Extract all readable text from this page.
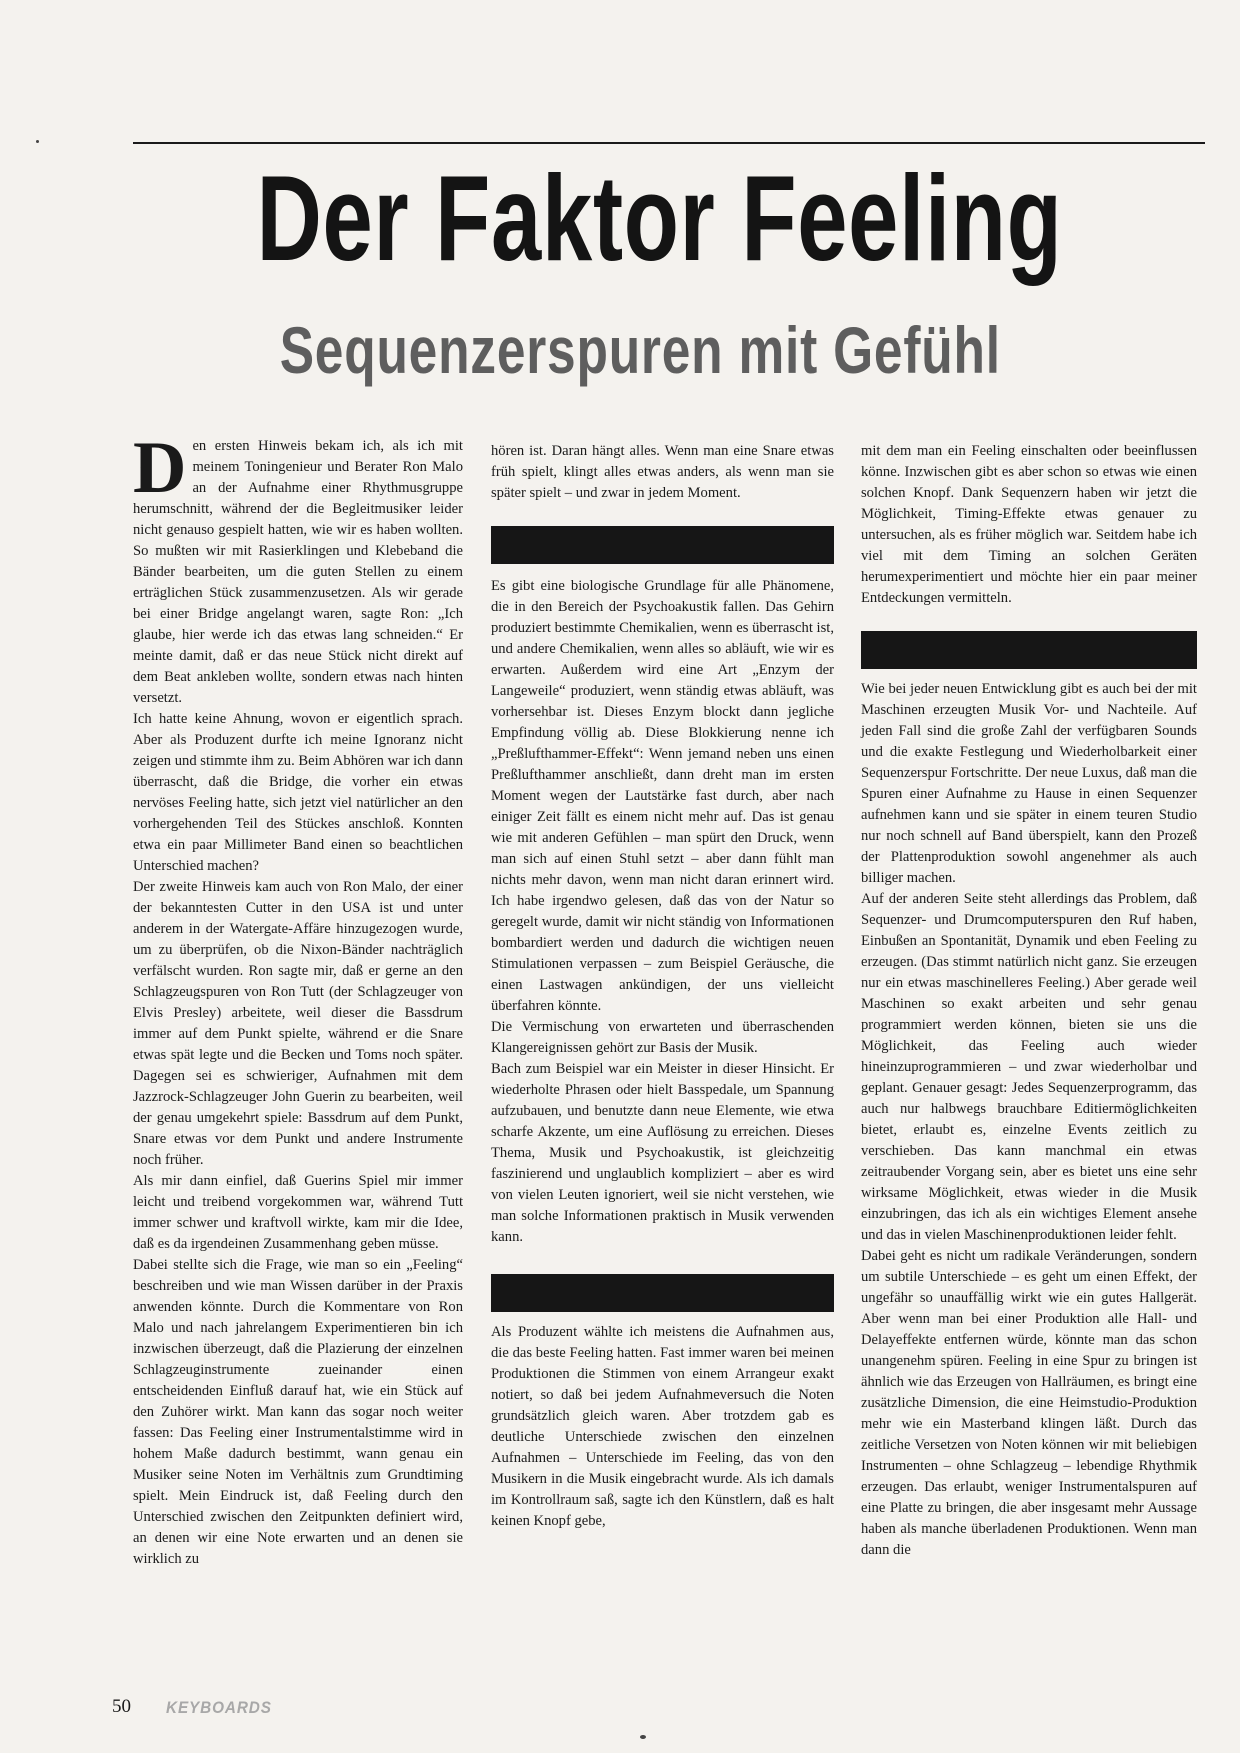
Der Faktor Feeling
Sequenzerspuren mit Gefühl

Den ersten Hinweis bekam ich, als ich mit meinem Toningenieur und Berater Ron Malo an der Aufnahme einer Rhythmusgruppe herumschnitt, während der die Begleitmusiker leider nicht genauso gespielt hatten, wie wir es haben wollten. So mußten wir mit Rasierklingen und Klebeband die Bänder bearbeiten, um die guten Stellen zu einem erträglichen Stück zusammenzusetzen. Als wir gerade bei einer Bridge angelangt waren, sagte Ron: „Ich glaube, hier werde ich das etwas lang schneiden.“ Er meinte damit, daß er das neue Stück nicht direkt auf dem Beat ankleben wollte, sondern etwas nach hinten versetzt.

Ich hatte keine Ahnung, wovon er eigentlich sprach. Aber als Produzent durfte ich meine Ignoranz nicht zeigen und stimmte ihm zu. Beim Abhören war ich dann überrascht, daß die Bridge, die vorher ein etwas nervöses Feeling hatte, sich jetzt viel natürlicher an den vorhergehenden Teil des Stückes anschloß. Konnten etwa ein paar Millimeter Band einen so beachtlichen Unterschied machen?

Der zweite Hinweis kam auch von Ron Malo, der einer der bekanntesten Cutter in den USA ist und unter anderem in der Watergate-Affäre hinzugezogen wurde, um zu überprüfen, ob die Nixon-Bänder nachträglich verfälscht wurden. Ron sagte mir, daß er gerne an den Schlagzeugspuren von Ron Tutt (der Schlagzeuger von Elvis Presley) arbeitete, weil dieser die Bassdrum immer auf dem Punkt spielte, während er die Snare etwas spät legte und die Becken und Toms noch später. Dagegen sei es schwieriger, Aufnahmen mit dem Jazzrock-Schlagzeuger John Guerin zu bearbeiten, weil der genau umgekehrt spiele: Bassdrum auf dem Punkt, Snare etwas vor dem Punkt und andere Instrumente noch früher.

Als mir dann einfiel, daß Guerins Spiel mir immer leicht und treibend vorgekommen war, während Tutt immer schwer und kraftvoll wirkte, kam mir die Idee, daß es da irgendeinen Zusammenhang geben müsse.

Dabei stellte sich die Frage, wie man so ein „Feeling“ beschreiben und wie man Wissen darüber in der Praxis anwenden könnte. Durch die Kommentare von Ron Malo und nach jahrelangem Experimentieren bin ich inzwischen überzeugt, daß die Plazierung der einzelnen Schlagzeuginstrumente zueinander einen entscheidenden Einfluß darauf hat, wie ein Stück auf den Zuhörer wirkt. Man kann das sogar noch weiter fassen: Das Feeling einer Instrumentalstimme wird in hohem Maße dadurch bestimmt, wann genau ein Musiker seine Noten im Verhältnis zum Grundtiming spielt. Mein Eindruck ist, daß Feeling durch den Unterschied zwischen den Zeitpunkten definiert wird, an denen wir eine Note erwarten und an denen sie wirklich zu

hören ist. Daran hängt alles. Wenn man eine Snare etwas früh spielt, klingt alles etwas anders, als wenn man sie später spielt – und zwar in jedem Moment.

Es gibt eine biologische Grundlage für alle Phänomene, die in den Bereich der Psychoakustik fallen. Das Gehirn produziert bestimmte Chemikalien, wenn es überrascht ist, und andere Chemikalien, wenn alles so abläuft, wie wir es erwarten. Außerdem wird eine Art „Enzym der Langeweile“ produziert, wenn ständig etwas abläuft, was vorhersehbar ist. Dieses Enzym blockt dann jegliche Empfindung völlig ab. Diese Blokkierung nenne ich „Preßlufthammer-Effekt“: Wenn jemand neben uns einen Preßlufthammer anschließt, dann dreht man im ersten Moment wegen der Lautstärke fast durch, aber nach einiger Zeit fällt es einem nicht mehr auf. Das ist genau wie mit anderen Gefühlen – man spürt den Druck, wenn man sich auf einen Stuhl setzt – aber dann fühlt man nichts mehr davon, wenn man nicht daran erinnert wird. Ich habe irgendwo gelesen, daß das von der Natur so geregelt wurde, damit wir nicht ständig von Informationen bombardiert werden und dadurch die wichtigen neuen Stimulationen verpassen – zum Beispiel Geräusche, die einen Lastwagen ankündigen, der uns vielleicht überfahren könnte.

Die Vermischung von erwarteten und überraschenden Klangereignissen gehört zur Basis der Musik.

Bach zum Beispiel war ein Meister in dieser Hinsicht. Er wiederholte Phrasen oder hielt Basspedale, um Spannung aufzubauen, und benutzte dann neue Elemente, wie etwa scharfe Akzente, um eine Auflösung zu erreichen. Dieses Thema, Musik und Psychoakustik, ist gleichzeitig faszinierend und unglaublich kompliziert – aber es wird von vielen Leuten ignoriert, weil sie nicht verstehen, wie man solche Informationen praktisch in Musik verwenden kann.

Als Produzent wählte ich meistens die Aufnahmen aus, die das beste Feeling hatten. Fast immer waren bei meinen Produktionen die Stimmen von einem Arrangeur exakt notiert, so daß bei jedem Aufnahmeversuch die Noten grundsätzlich gleich waren. Aber trotzdem gab es deutliche Unterschiede zwischen den einzelnen Aufnahmen – Unterschiede im Feeling, das von den Musikern in die Musik eingebracht wurde. Als ich damals im Kontrollraum saß, sagte ich den Künstlern, daß es halt keinen Knopf gebe,

mit dem man ein Feeling einschalten oder beeinflussen könne. Inzwischen gibt es aber schon so etwas wie einen solchen Knopf. Dank Sequenzern haben wir jetzt die Möglichkeit, Timing-Effekte etwas genauer zu untersuchen, als es früher möglich war. Seitdem habe ich viel mit dem Timing an solchen Geräten herumexperimentiert und möchte hier ein paar meiner Entdeckungen vermitteln.

Wie bei jeder neuen Entwicklung gibt es auch bei der mit Maschinen erzeugten Musik Vor- und Nachteile. Auf jeden Fall sind die große Zahl der verfügbaren Sounds und die exakte Festlegung und Wiederholbarkeit einer Sequenzerspur Fortschritte. Der neue Luxus, daß man die Spuren einer Aufnahme zu Hause in einen Sequenzer aufnehmen kann und sie später in einem teuren Studio nur noch schnell auf Band überspielt, kann den Prozeß der Plattenproduktion sowohl angenehmer als auch billiger machen.

Auf der anderen Seite steht allerdings das Problem, daß Sequenzer- und Drumcomputerspuren den Ruf haben, Einbußen an Spontanität, Dynamik und eben Feeling zu erzeugen. (Das stimmt natürlich nicht ganz. Sie erzeugen nur ein etwas maschinelleres Feeling.) Aber gerade weil Maschinen so exakt arbeiten und sehr genau programmiert werden können, bieten sie uns die Möglichkeit, das Feeling auch wieder hineinzuprogrammieren – und zwar wiederholbar und geplant. Genauer gesagt: Jedes Sequenzerprogramm, das auch nur halbwegs brauchbare Editiermöglichkeiten bietet, erlaubt es, einzelne Events zeitlich zu verschieben. Das kann manchmal ein etwas zeitraubender Vorgang sein, aber es bietet uns eine sehr wirksame Möglichkeit, etwas wieder in die Musik einzubringen, das ich als ein wichtiges Element ansehe und das in vielen Maschinenproduktionen leider fehlt.

Dabei geht es nicht um radikale Veränderungen, sondern um subtile Unterschiede – es geht um einen Effekt, der ungefähr so unauffällig wirkt wie ein gutes Hallgerät. Aber wenn man bei einer Produktion alle Hall- und Delayeffekte entfernen würde, könnte man das schon unangenehm spüren. Feeling in eine Spur zu bringen ist ähnlich wie das Erzeugen von Hallräumen, es bringt eine zusätzliche Dimension, die eine Heimstudio-Produktion mehr wie ein Masterband klingen läßt. Durch das zeitliche Versetzen von Noten können wir mit beliebigen Instrumenten – ohne Schlagzeug – lebendige Rhythmik erzeugen. Das erlaubt, weniger Instrumentalspuren auf eine Platte zu bringen, die aber insgesamt mehr Aussage haben als manche überladenen Produktionen. Wenn man dann die

50 KEYBOARDS
